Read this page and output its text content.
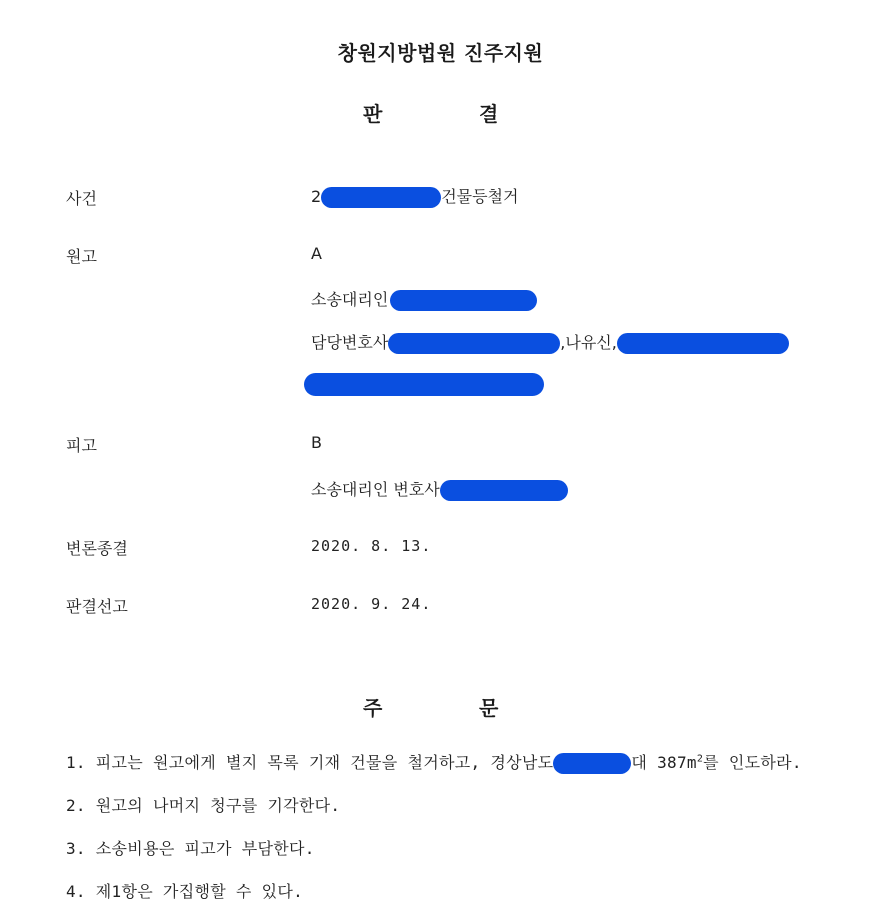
창원지방법원 진주지원
판	결
사건	2	건물등철거
원고	A
소송대리인
담당변호사	,나유신,
피고	B
소송대리인 변호사
변론종결	2020. 8. 13.
판결선고	2020. 9. 24.
주	문
1. 피고는 원고에게 별지 목록 기재 건물을 철거하고, 경상남도	대 $387m^2$를 인도하라.
2. 원고의 나머지 청구를 기각한다.
3. 소송비용은 피고가 부담한다.
4. 제1항은 가집행할 수 있다.
